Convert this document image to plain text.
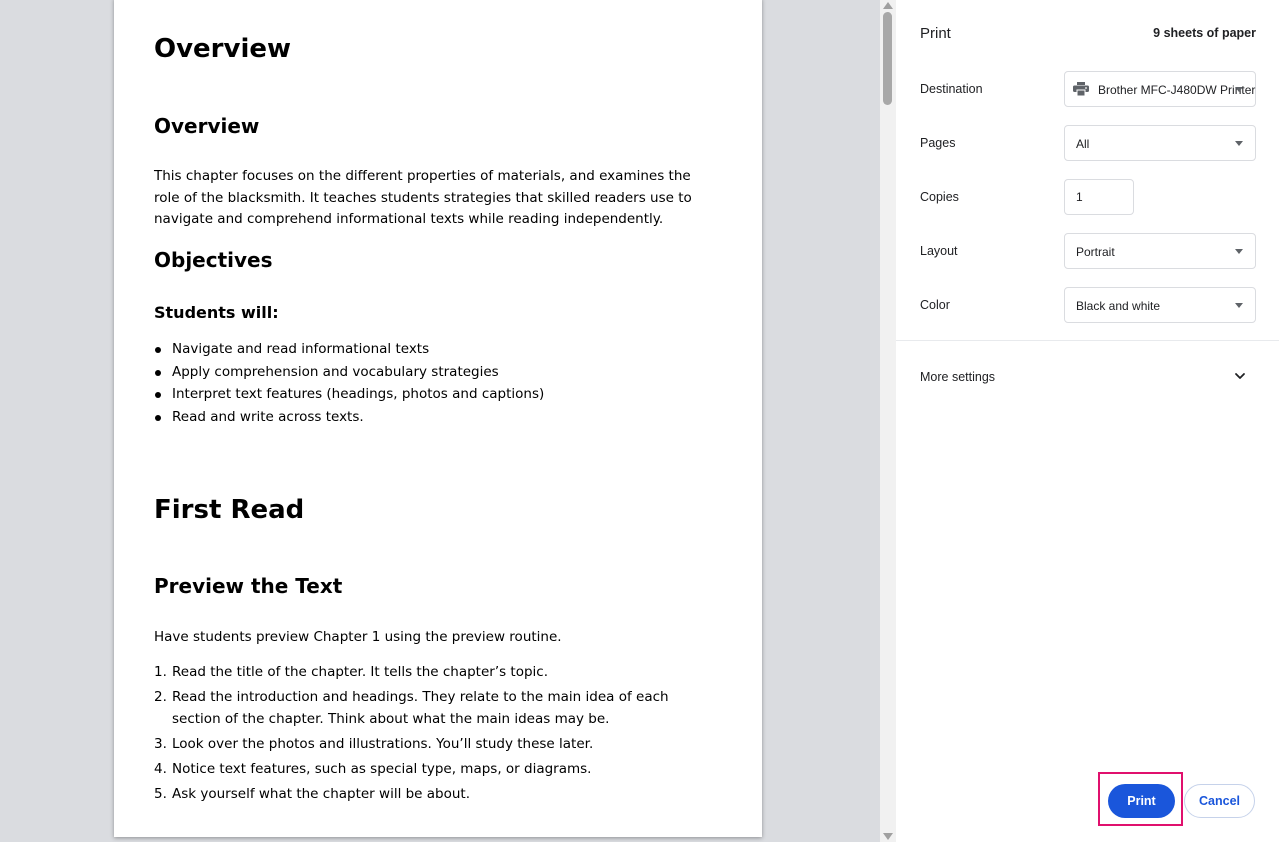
Overview
Overview

This chapter focuses on the different properties of materials, and examines the role of the blacksmith. It teaches students strategies that skilled readers use to navigate and comprehend informational texts while reading independently.

Objectives
Students will:
Navigate and read informational texts
Apply comprehension and vocabulary strategies
Interpret text features (headings, photos and captions)
Read and write across texts.
First Read
Preview the Text

Have students preview Chapter 1 using the preview routine.

1. Read the title of the chapter. It tells the chapter’s topic.
2. Read the introduction and headings. They relate to the main idea of each section of the chapter. Think about what the main ideas may be.
3. Look over the photos and illustrations. You’ll study these later.
4. Notice text features, such as special type, maps, or diagrams.
5. Ask yourself what the chapter will be about.
Print	9 sheets of paper
Destination	Brother MFC-J480DW Printer
Pages	All
Copies	1
Layout	Portrait
Color	Black and white
More settings
Print	Cancel
